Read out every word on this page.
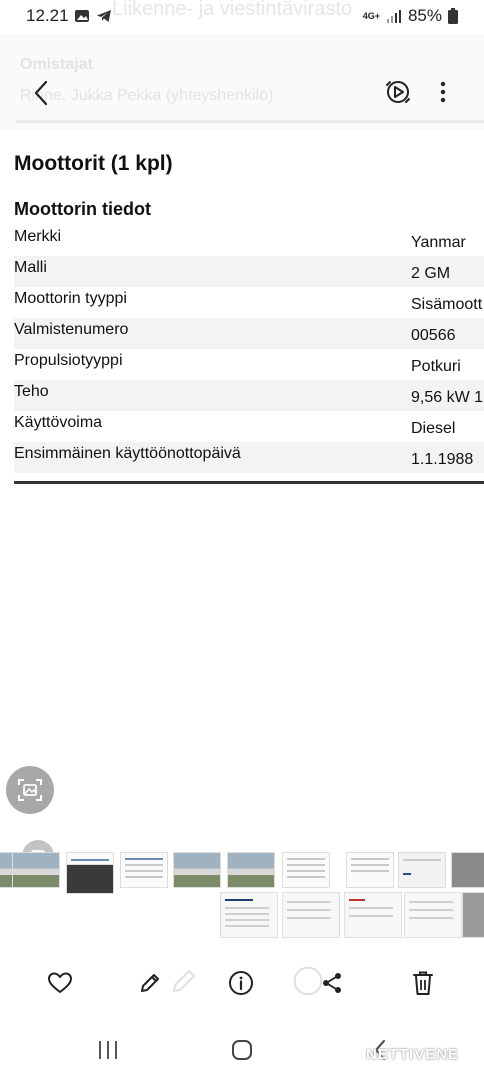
12.21	4G+ 85%
Liikenne- ja viestintävirasto
Omistajat
Rinne, Jukka Pekka (yhteyshenkilö)
Moottorit (1 kpl)
Moottorin tiedot
Merkki	Yanmar
Malli	2 GM
Moottorin tyyppi	Sisämoott
Valmistenumero	00566
Propulsiotyyppi	Potkuri
Teho	9,56 kW 1
Käyttövoima	Diesel
Ensimmäinen käyttöönottopäivä	1.1.1988
NETTIVENE
